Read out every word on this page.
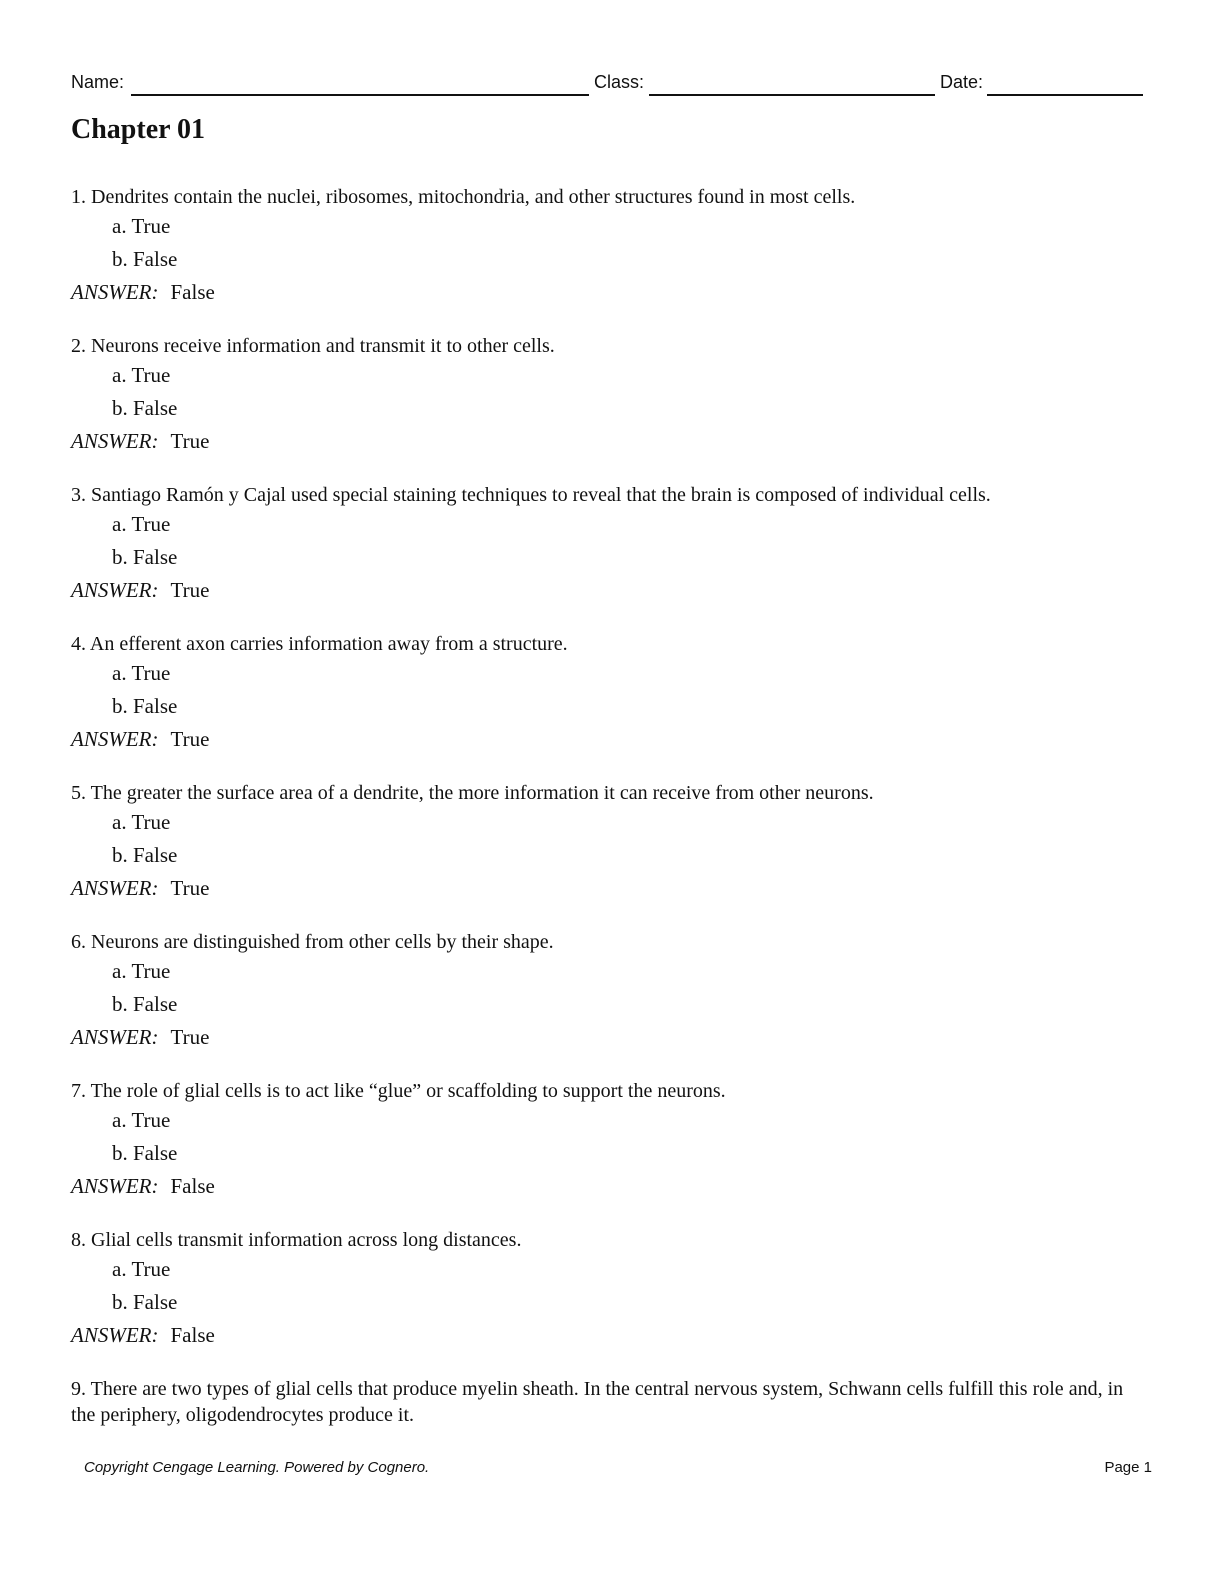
Name:	Class:	Date:
Chapter 01
1. Dendrites contain the nuclei, ribosomes, mitochondria, and other structures found in most cells.
a. True
b. False
ANSWER: False
2. Neurons receive information and transmit it to other cells.
a. True
b. False
ANSWER: True
3. Santiago Ramón y Cajal used special staining techniques to reveal that the brain is composed of individual cells.
a. True
b. False
ANSWER: True
4. An efferent axon carries information away from a structure.
a. True
b. False
ANSWER: True
5. The greater the surface area of a dendrite, the more information it can receive from other neurons.
a. True
b. False
ANSWER: True
6. Neurons are distinguished from other cells by their shape.
a. True
b. False
ANSWER: True
7. The role of glial cells is to act like “glue” or scaffolding to support the neurons.
a. True
b. False
ANSWER: False
8. Glial cells transmit information across long distances.
a. True
b. False
ANSWER: False
9. There are two types of glial cells that produce myelin sheath. In the central nervous system, Schwann cells fulfill this role and, in the periphery, oligodendrocytes produce it.
Copyright Cengage Learning. Powered by Cognero.	Page 1
